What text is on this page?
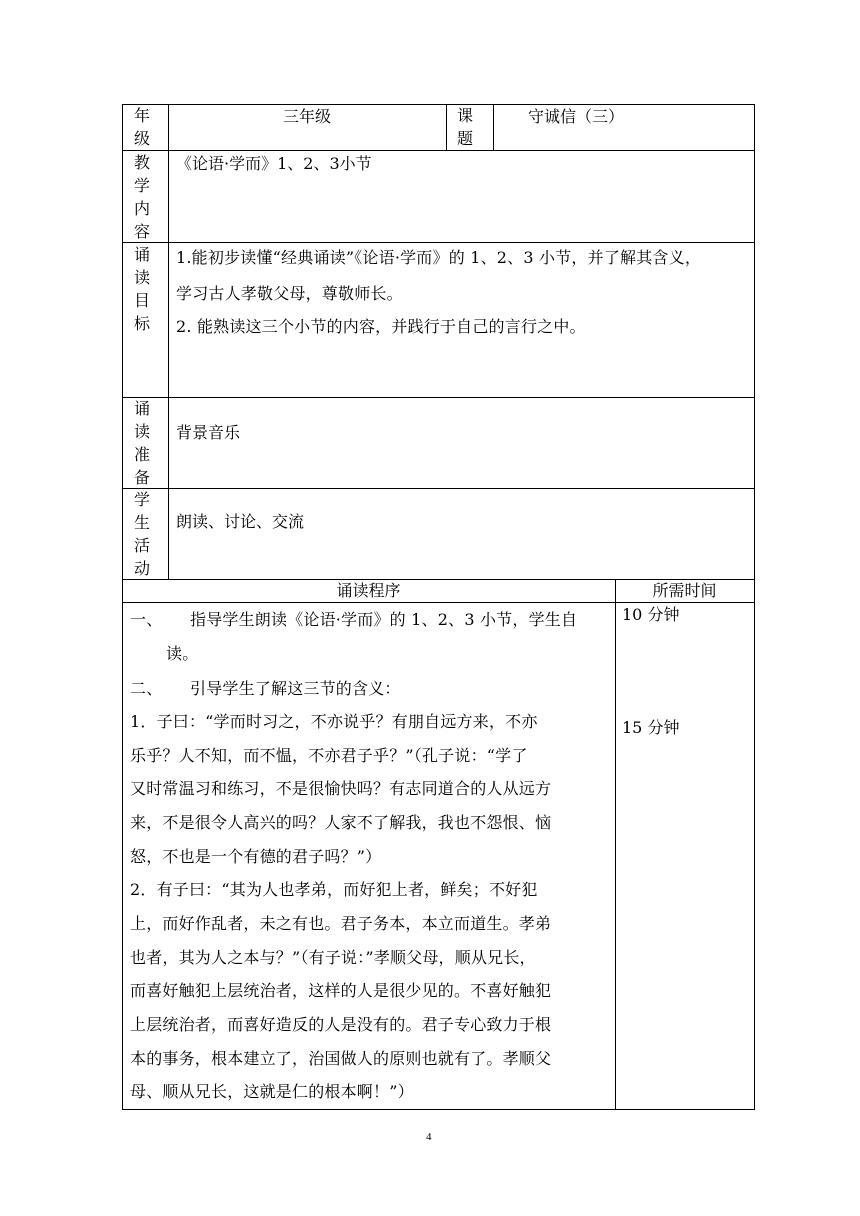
年级
三年级	课题
守诚信（三）
教学内容
《论语·学而》1、2、3小节
诵读目标
1.能初步读懂“经典诵读”《论语·学而》的 1、2、3 小节，并了解其含义，
学习古人孝敬父母，尊敬师长。
2. 能熟读这三个小节的内容，并践行于自己的言行之中。
诵读准备
背景音乐
学生活动
朗读、讨论、交流
诵读程序	所需时间
一、 指导学生朗读《论语·学而》的 1、2、3 小节，学生自
读。
二、 引导学生了解这三节的含义：
1．子曰：“学而时习之，不亦说乎？有朋自远方来，不亦
乐乎？人不知，而不愠，不亦君子乎？”（孔子说：“学了
又时常温习和练习，不是很愉快吗？有志同道合的人从远方
来，不是很令人高兴的吗？人家不了解我，我也不怨恨、恼
怒，不也是一个有德的君子吗？”）
2．有子曰：“其为人也孝弟，而好犯上者，鲜矣；不好犯
上，而好作乱者，未之有也。君子务本，本立而道生。孝弟
也者，其为人之本与？”（有子说：”孝顺父母，顺从兄长，
而喜好触犯上层统治者，这样的人是很少见的。不喜好触犯
上层统治者，而喜好造反的人是没有的。君子专心致力于根
本的事务，根本建立了，治国做人的原则也就有了。孝顺父
母、顺从兄长，这就是仁的根本啊！”）
10 分钟
15 分钟
4
